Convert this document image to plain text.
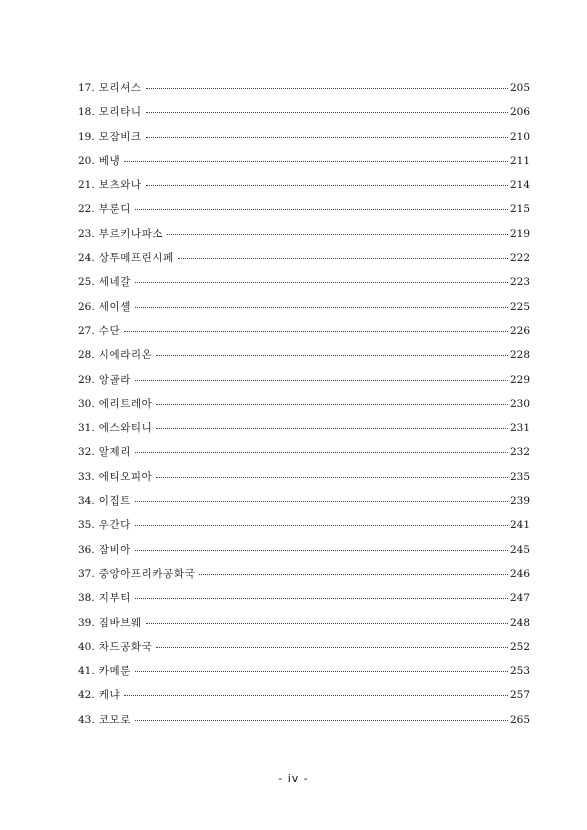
17. 모리셔스	205
18. 모리타니	206
19. 모잠비크	210
20. 베냉	211
21. 보츠와나	214
22. 부룬디	215
23. 부르키나파소	219
24. 상투메프린시페	222
25. 세네갈	223
26. 세이셸	225
27. 수단	226
28. 시에라리온	228
29. 앙골라	229
30. 에리트레아	230
31. 에스와티니	231
32. 알제리	232
33. 에티오피아	235
34. 이집트	239
35. 우간다	241
36. 잠비아	245
37. 중앙아프리카공화국	246
38. 지부티	247
39. 짐바브웨	248
40. 차드공화국	252
41. 카메룬	253
42. 케냐	257
43. 코모로	265
- iv -
